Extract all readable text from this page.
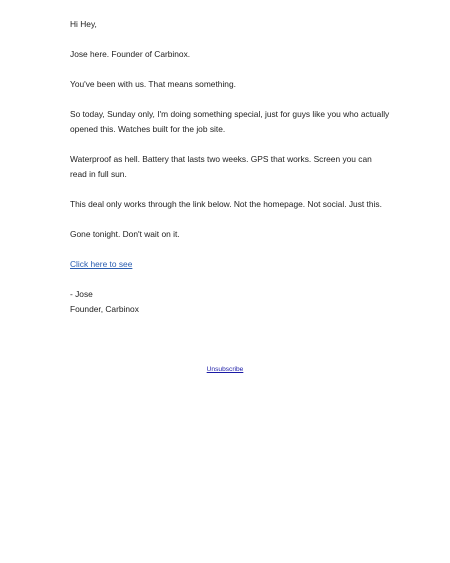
Hi Hey,

Jose here. Founder of Carbinox.

You've been with us. That means something.

So today, Sunday only, I'm doing something special, just for guys like you who actually opened this. Watches built for the job site.

Waterproof as hell. Battery that lasts two weeks. GPS that works. Screen you can read in full sun.

This deal only works through the link below. Not the homepage. Not social. Just this.

Gone tonight. Don't wait on it.

Click here to see

- Jose
Founder, Carbinox
Unsubscribe
